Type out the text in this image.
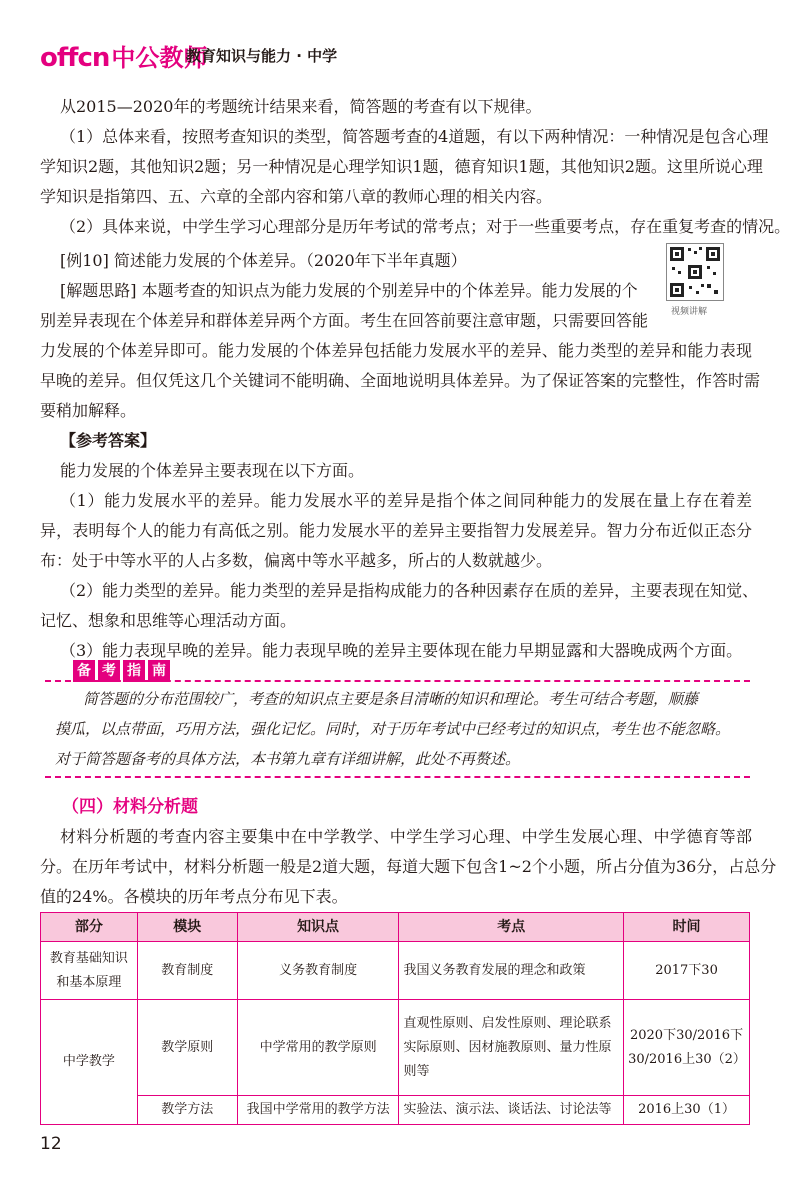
offcn中公教师
教育知识与能力 · 中学

从2015—2020年的考题统计结果来看，简答题的考查有以下规律。

（1）总体来看，按照考查知识的类型，简答题考查的4道题，有以下两种情况：一种情况是包含心理

学知识2题，其他知识2题；另一种情况是心理学知识1题，德育知识1题，其他知识2题。这里所说心理

学知识是指第四、五、六章的全部内容和第八章的教师心理的相关内容。

（2）具体来说，中学生学习心理部分是历年考试的常考点；对于一些重要考点，存在重复考查的情况。

[例10] 简述能力发展的个体差异。（2020年下半年真题）

[解题思路] 本题考查的知识点为能力发展的个别差异中的个体差异。能力发展的个

别差异表现在个体差异和群体差异两个方面。考生在回答前要注意审题，只需要回答能

力发展的个体差异即可。能力发展的个体差异包括能力发展水平的差异、能力类型的差异和能力表现

早晚的差异。但仅凭这几个关键词不能明确、全面地说明具体差异。为了保证答案的完整性，作答时需

要稍加解释。

视频讲解

【参考答案】

能力发展的个体差异主要表现在以下方面。

（1）能力发展水平的差异。能力发展水平的差异是指个体之间同种能力的发展在量上存在着差

异，表明每个人的能力有高低之别。能力发展水平的差异主要指智力发展差异。智力分布近似正态分

布：处于中等水平的人占多数，偏离中等水平越多，所占的人数就越少。

（2）能力类型的差异。能力类型的差异是指构成能力的各种因素存在质的差异，主要表现在知觉、

记忆、想象和思维等心理活动方面。

（3）能力表现早晚的差异。能力表现早晚的差异主要体现在能力早期显露和大器晚成两个方面。

备 考 指 南

简答题的分布范围较广，考查的知识点主要是条目清晰的知识和理论。考生可结合考题，顺藤

摸瓜，以点带面，巧用方法，强化记忆。同时，对于历年考试中已经考过的知识点，考生也不能忽略。

对于简答题备考的具体方法，本书第九章有详细讲解，此处不再赘述。

（四）材料分析题

材料分析题的考查内容主要集中在中学教学、中学生学习心理、中学生发展心理、中学德育等部

分。在历年考试中，材料分析题一般是2道大题，每道大题下包含1~2个小题，所占分值为36分，占总分

值的24%。各模块的历年考点分布见下表。

部分	模块	知识点	考点	时间
教育基础知识和基本原理	教育制度	义务教育制度	我国义务教育发展的理念和政策	2017下30
中学教学	教学原则	中学常用的教学原则	直观性原则、启发性原则、理论联系实际原则、因材施教原则、量力性原则等	2020下30/2016下30/2016上30（2）
	教学方法	我国中学常用的教学方法	实验法、演示法、谈话法、讨论法等	2016上30（1）
12
